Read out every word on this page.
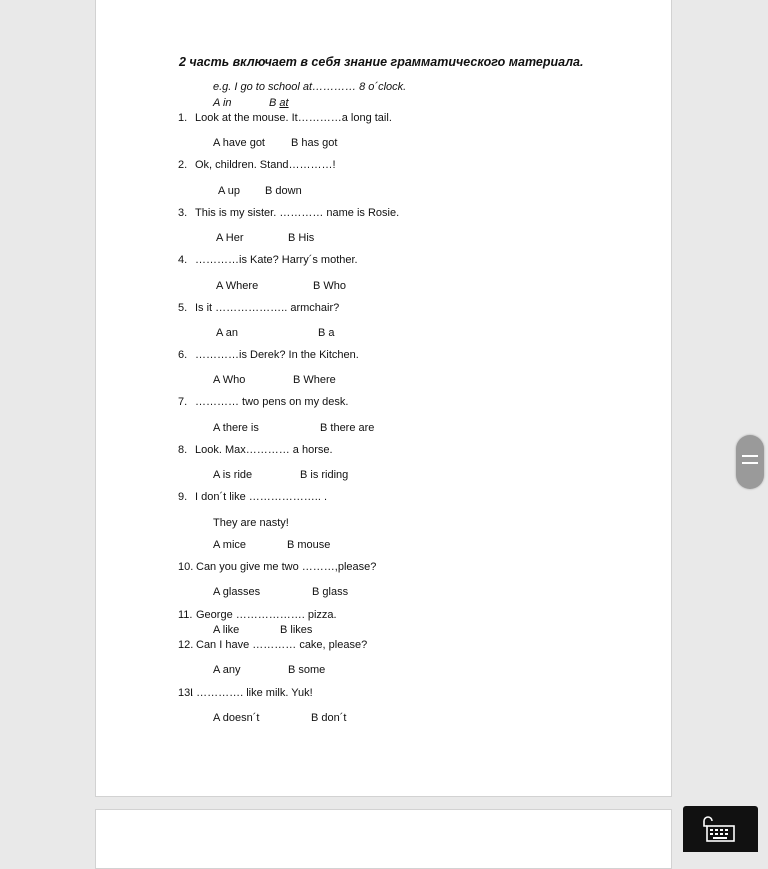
2 часть включает в себя знание грамматического материала.
e.g. I go to school at………… 8 o´clock.
A in	B at
1. Look at the mouse. It…………a long tail.
A have got B has got
2. Ok, children. Stand…………!
A up B down
3. This is my sister. ………… name is Rosie.
A Her	B His
4. …………is Kate? Harry´s mother.
A Where	B Who
5. Is it ……………….. armchair?
A an	B a
6. …………is Derek? In the Kitchen.
A Who	B Where
7. ………… two pens on my desk.
A there is	B there are
8. Look. Max………… a horse.
A is ride	B is riding
9. I don´t like ……………….. .
They are nasty!
A mice	B mouse
10. Can you give me two ………,please?
A glasses	B glass
11. George ………………. pizza.
A like	B likes
12. Can I have ………… cake, please?
A any	B some
13.
I …………. like milk. Yuk!
A doesn´t	B don´t
